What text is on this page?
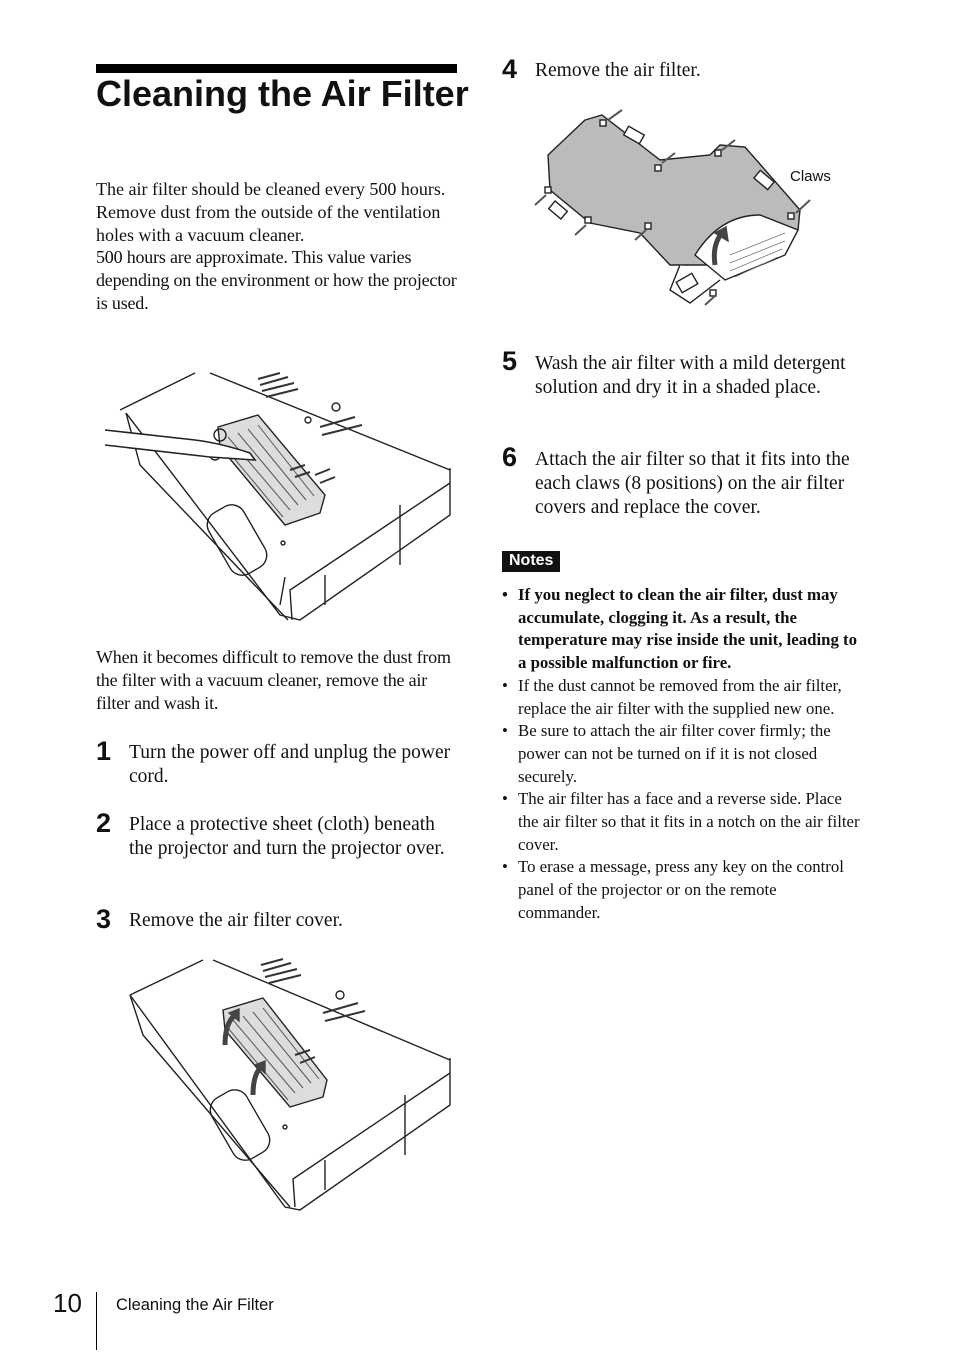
Cleaning the Air Filter

The air filter should be cleaned every 500 hours.

Remove dust from the outside of the ventilation holes with a vacuum cleaner.

500 hours are approximate. This value varies depending on the environment or how the projector is used.

When it becomes difficult to remove the dust from the filter with a vacuum cleaner, remove the air filter and wash it.

1 Turn the power off and unplug the power cord.

2 Place a protective sheet (cloth) beneath the projector and turn the projector over.

3 Remove the air filter cover.

4 Remove the air filter.

Claws
5 Wash the air filter with a mild detergent solution and dry it in a shaded place.

6 Attach the air filter so that it fits into the each claws (8 positions) on the air filter covers and replace the cover.

Notes
• If you neglect to clean the air filter, dust may accumulate, clogging it. As a result, the temperature may rise inside the unit, leading to a possible malfunction or fire.
• If the dust cannot be removed from the air filter, replace the air filter with the supplied new one.
• Be sure to attach the air filter cover firmly; the power can not be turned on if it is not closed securely.
• The air filter has a face and a reverse side. Place the air filter so that it fits in a notch on the air filter cover.
• To erase a message, press any key on the control panel of the projector or on the remote commander.
10 Cleaning the Air Filter
